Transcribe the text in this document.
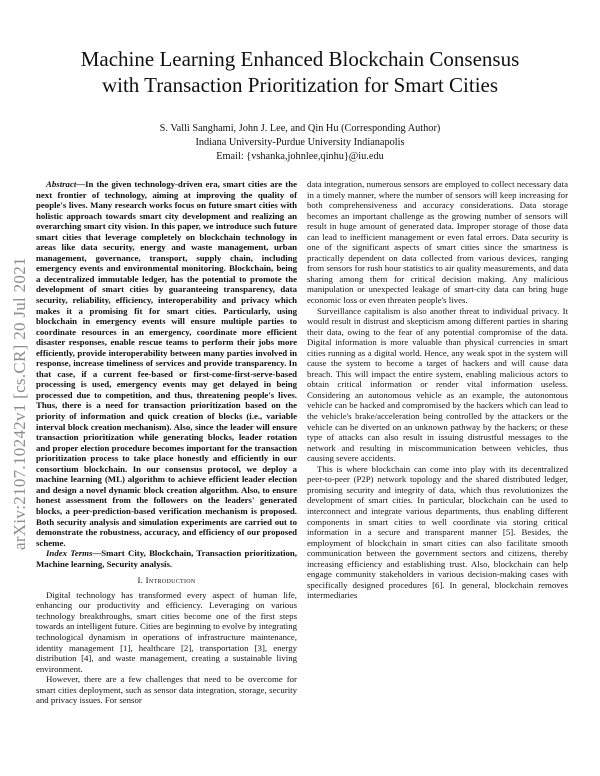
arXiv:2107.10242v1 [cs.CR] 20 Jul 2021
Machine Learning Enhanced Blockchain Consensus
with Transaction Prioritization for Smart Cities
S. Valli Sanghami, John J. Lee, and Qin Hu (Corresponding Author)
Indiana University-Purdue University Indianapolis
Email: {vshanka,johnlee,qinhu}@iu.edu

Abstract—In the given technology-driven era, smart cities are the next frontier of technology, aiming at improving the quality of people's lives. Many research works focus on future smart cities with holistic approach towards smart city development and realizing an overarching smart city vision. In this paper, we introduce such future smart cities that leverage completely on blockchain technology in areas like data security, energy and waste management, urban management, governance, transport, supply chain, including emergency events and environmental monitoring. Blockchain, being a decentralized immutable ledger, has the potential to promote the development of smart cities by guaranteeing transparency, data security, reliability, efficiency, interoperability and privacy which makes it a promising fit for smart cities. Particularly, using blockchain in emergency events will ensure multiple parties to coordinate resources in an emergency, coordinate more efficient disaster responses, enable rescue teams to perform their jobs more efficiently, provide interoperability between many parties involved in response, increase timeliness of services and provide transparency. In that case, if a current fee-based or first-come-first-serve-based processing is used, emergency events may get delayed in being processed due to competition, and thus, threatening people's lives. Thus, there is a need for transaction prioritization based on the priority of information and quick creation of blocks (i.e., variable interval block creation mechanism). Also, since the leader will ensure transaction prioritization while generating blocks, leader rotation and proper election procedure becomes important for the transaction prioritization process to take place honestly and efficiently in our consortium blockchain. In our consensus protocol, we deploy a machine learning (ML) algorithm to achieve efficient leader election and design a novel dynamic block creation algorithm. Also, to ensure honest assessment from the followers on the leaders' generated blocks, a peer-prediction-based verification mechanism is proposed. Both security analysis and simulation experiments are carried out to demonstrate the robustness, accuracy, and efficiency of our proposed scheme.

Index Terms—Smart City, Blockchain, Transaction prioritization, Machine learning, Security analysis.

I. Introduction

Digital technology has transformed every aspect of human life, enhancing our productivity and efficiency. Leveraging on various technology breakthroughs, smart cities become one of the first steps towards an intelligent future. Cities are beginning to evolve by integrating technological dynamism in operations of infrastructure maintenance, identity management [1], healthcare [2], transportation [3], energy distribution [4], and waste management, creating a sustainable living environment.

However, there are a few challenges that need to be overcome for smart cities deployment, such as sensor data integration, storage, security and privacy issues. For sensor

data integration, numerous sensors are employed to collect necessary data in a timely manner, where the number of sensors will keep increasing for both comprehensiveness and accuracy considerations. Data storage becomes an important challenge as the growing number of sensors will result in huge amount of generated data. Improper storage of those data can lead to inefficient management or even fatal errors. Data security is one of the significant aspects of smart cities since the smartness is practically dependent on data collected from various devices, ranging from sensors for rush hour statistics to air quality measurements, and data sharing among them for critical decision making. Any malicious manipulation or unexpected leakage of smart-city data can bring huge economic loss or even threaten people's lives.

Surveillance capitalism is also another threat to individual privacy. It would result in distrust and skepticism among different parties in sharing their data, owing to the fear of any potential compromise of the data. Digital information is more valuable than physical currencies in smart cities running as a digital world. Hence, any weak spot in the system will cause the system to become a target of hackers and will cause data breach. This will impact the entire system, enabling malicious actors to obtain critical information or render vital information useless. Considering an autonomous vehicle as an example, the autonomous vehicle can be hacked and compromised by the hackers which can lead to the vehicle's brake/acceleration being controlled by the attackers or the vehicle can be diverted on an unknown pathway by the hackers; or these type of attacks can also result in issuing distrustful messages to the network and resulting in miscommunication between vehicles, thus causing severe accidents.

This is where blockchain can come into play with its decentralized peer-to-peer (P2P) network topology and the shared distributed ledger, promising security and integrity of data, which thus revolutionizes the development of smart cities. In particular, blockchain can be used to interconnect and integrate various departments, thus enabling different components in smart cities to well coordinate via storing critical information in a secure and transparent manner [5]. Besides, the employment of blockchain in smart cities can also facilitate smooth communication between the government sectors and citizens, thereby increasing efficiency and establishing trust. Also, blockchain can help engage community stakeholders in various decision-making cases with specifically designed procedures [6]. In general, blockchain removes intermediaries
